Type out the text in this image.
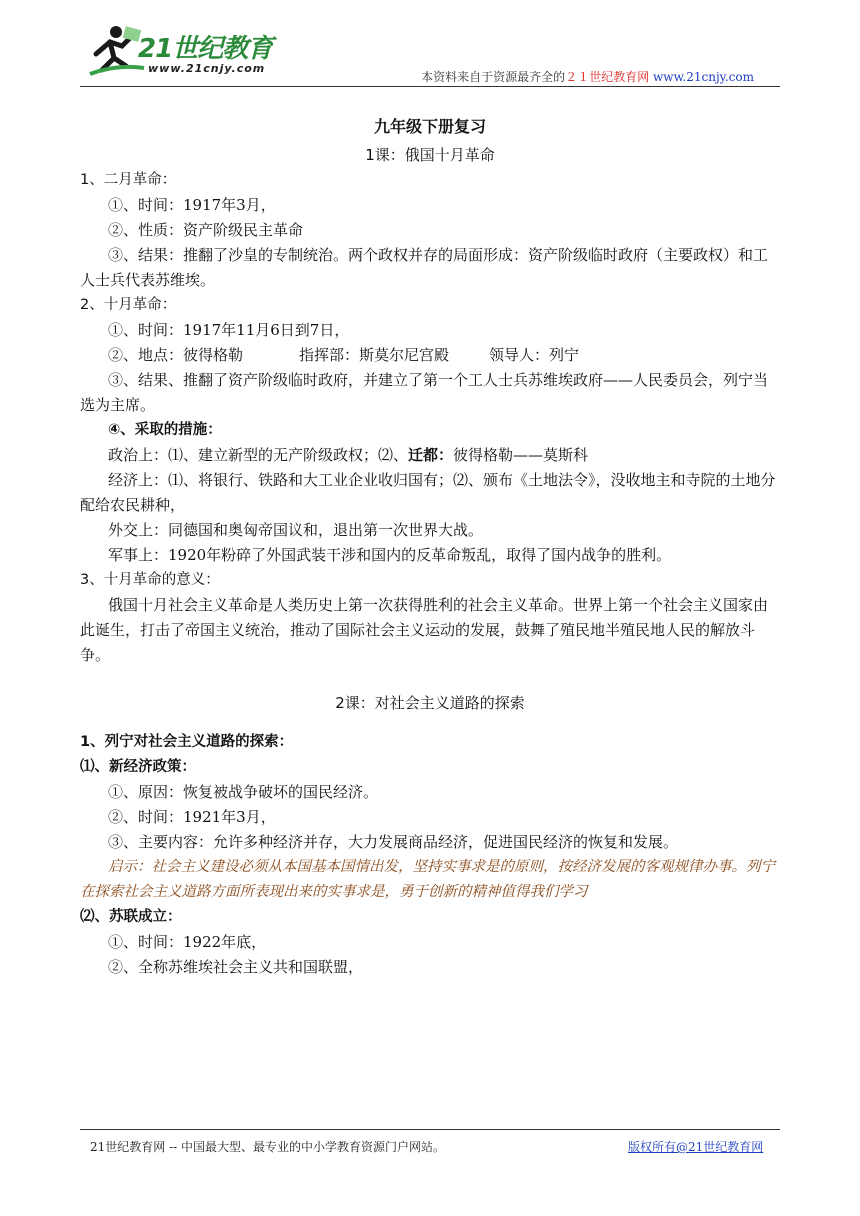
21世纪教育
www.21cnjy.com
本资料来自于资源最齐全的２１世纪教育网 www.21cnjy.com
九年级下册复习
1课：俄国十月革命
1、二月革命：

①、时间：1917年3月，

②、性质：资产阶级民主革命

③、结果：推翻了沙皇的专制统治。两个政权并存的局面形成：资产阶级临时政府（主要政权）和工人士兵代表苏维埃。

2、十月革命：

①、时间：1917年11月6日到7日，

②、地点：彼得格勒	指挥部：斯莫尔尼宫殿	领导人：列宁

③、结果、推翻了资产阶级临时政府，并建立了第一个工人士兵苏维埃政府——人民委员会，列宁当选为主席。

④、采取的措施：

政治上：⑴、建立新型的无产阶级政权；⑵、迁都：彼得格勒——莫斯科

经济上：⑴、将银行、铁路和大工业企业收归国有；⑵、颁布《土地法令》，没收地主和寺院的土地分配给农民耕种，

外交上：同德国和奥匈帝国议和，退出第一次世界大战。

军事上：1920年粉碎了外国武装干涉和国内的反革命叛乱，取得了国内战争的胜利。

3、十月革命的意义：

俄国十月社会主义革命是人类历史上第一次获得胜利的社会主义革命。世界上第一个社会主义国家由此诞生，打击了帝国主义统治，推动了国际社会主义运动的发展，鼓舞了殖民地半殖民地人民的解放斗争。

2课：对社会主义道路的探索
1、列宁对社会主义道路的探索：
⑴、新经济政策：

①、原因：恢复被战争破坏的国民经济。

②、时间：1921年3月，

③、主要内容：允许多种经济并存，大力发展商品经济，促进国民经济的恢复和发展。

启示：社会主义建设必须从本国基本国情出发，坚持实事求是的原则，按经济发展的客观规律办事。列宁在探索社会主义道路方面所表现出来的实事求是，勇于创新的精神值得我们学习

⑵、苏联成立：

①、时间：1922年底，

②、全称苏维埃社会主义共和国联盟，

21世纪教育网 -- 中国最大型、最专业的中小学教育资源门户网站。	版权所有@21世纪教育网
